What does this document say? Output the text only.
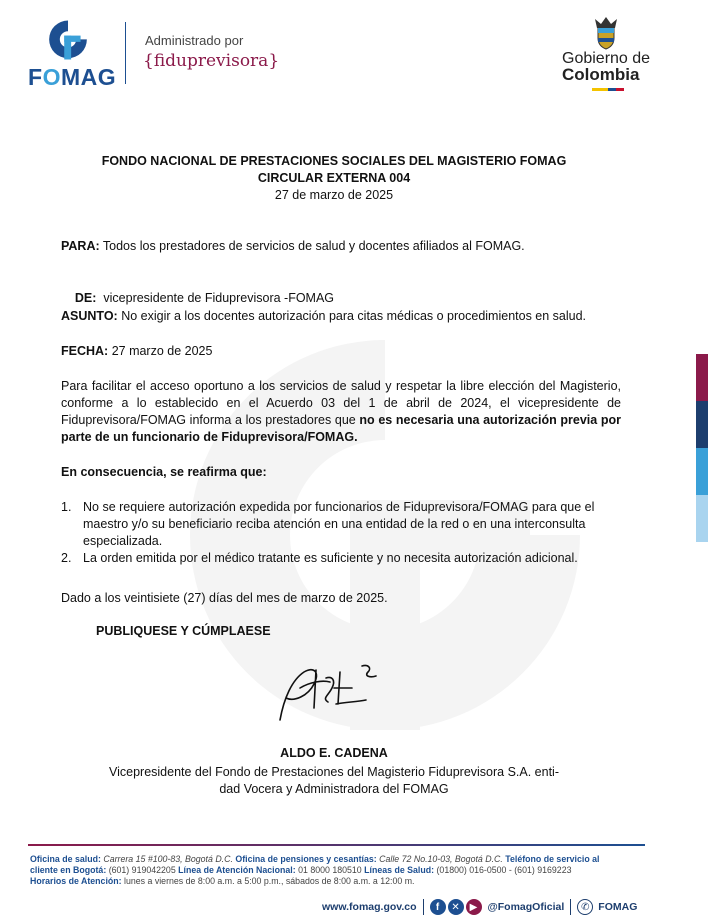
FOMAG
Administrado por
{fiduprevisora}	Gobierno de
Colombia
FONDO NACIONAL DE PRESTACIONES SOCIALES DEL MAGISTERIO FOMAG
CIRCULAR EXTERNA 004
27 de marzo de 2025
PARA: Todos los prestadores de servicios de salud y docentes afiliados al FOMAG.

DE:  vicepresidente de Fiduprevisora -FOMAG

ASUNTO: No exigir a los docentes autorización para citas médicas o procedimientos en salud.
FECHA: 27 marzo de 2025
Para facilitar el acceso oportuno a los servicios de salud y respetar la libre elección del Magisterio, conforme a lo establecido en el Acuerdo 03 del 1 de abril de 2024, el vicepresidente de Fiduprevisora/FOMAG informa a los prestadores que no es necesaria una autorización previa por parte de un funcionario de Fiduprevisora/FOMAG.
En consecuencia, se reafirma que:
1. No se requiere autorización expedida por funcionarios de Fiduprevisora/FOMAG para que el maestro y/o su beneficiario reciba atención en una entidad de la red o en una interconsulta especializada.
2. La orden emitida por el médico tratante es suficiente y no necesita autorización adicional.
Dado a los veintisiete (27) días del mes de marzo de 2025.
PUBLIQUESE Y CÚMPLAESE
ALDO E. CADENA
Vicepresidente del Fondo de Prestaciones del Magisterio Fiduprevisora S.A. enti-
dad Vocera y Administradora del FOMAG
Oficina de salud: Carrera 15 #100-83, Bogotá D.C. Oficina de pensiones y cesantías: Calle 72 No.10-03, Bogotá D.C. Teléfono de servicio al
cliente en Bogotá: (601) 919042205 Línea de Atención Nacional: 01 8000 180510 Líneas de Salud: (01800) 016-0500 - (601) 9169223
Horarios de Atención: lunes a viernes de 8:00 a.m. a 5:00 p.m., sábados de 8:00 a.m. a 12:00 m.
www.fomag.gov.co	f	✕ ▶ @FomagOficial	✆ FOMAG
